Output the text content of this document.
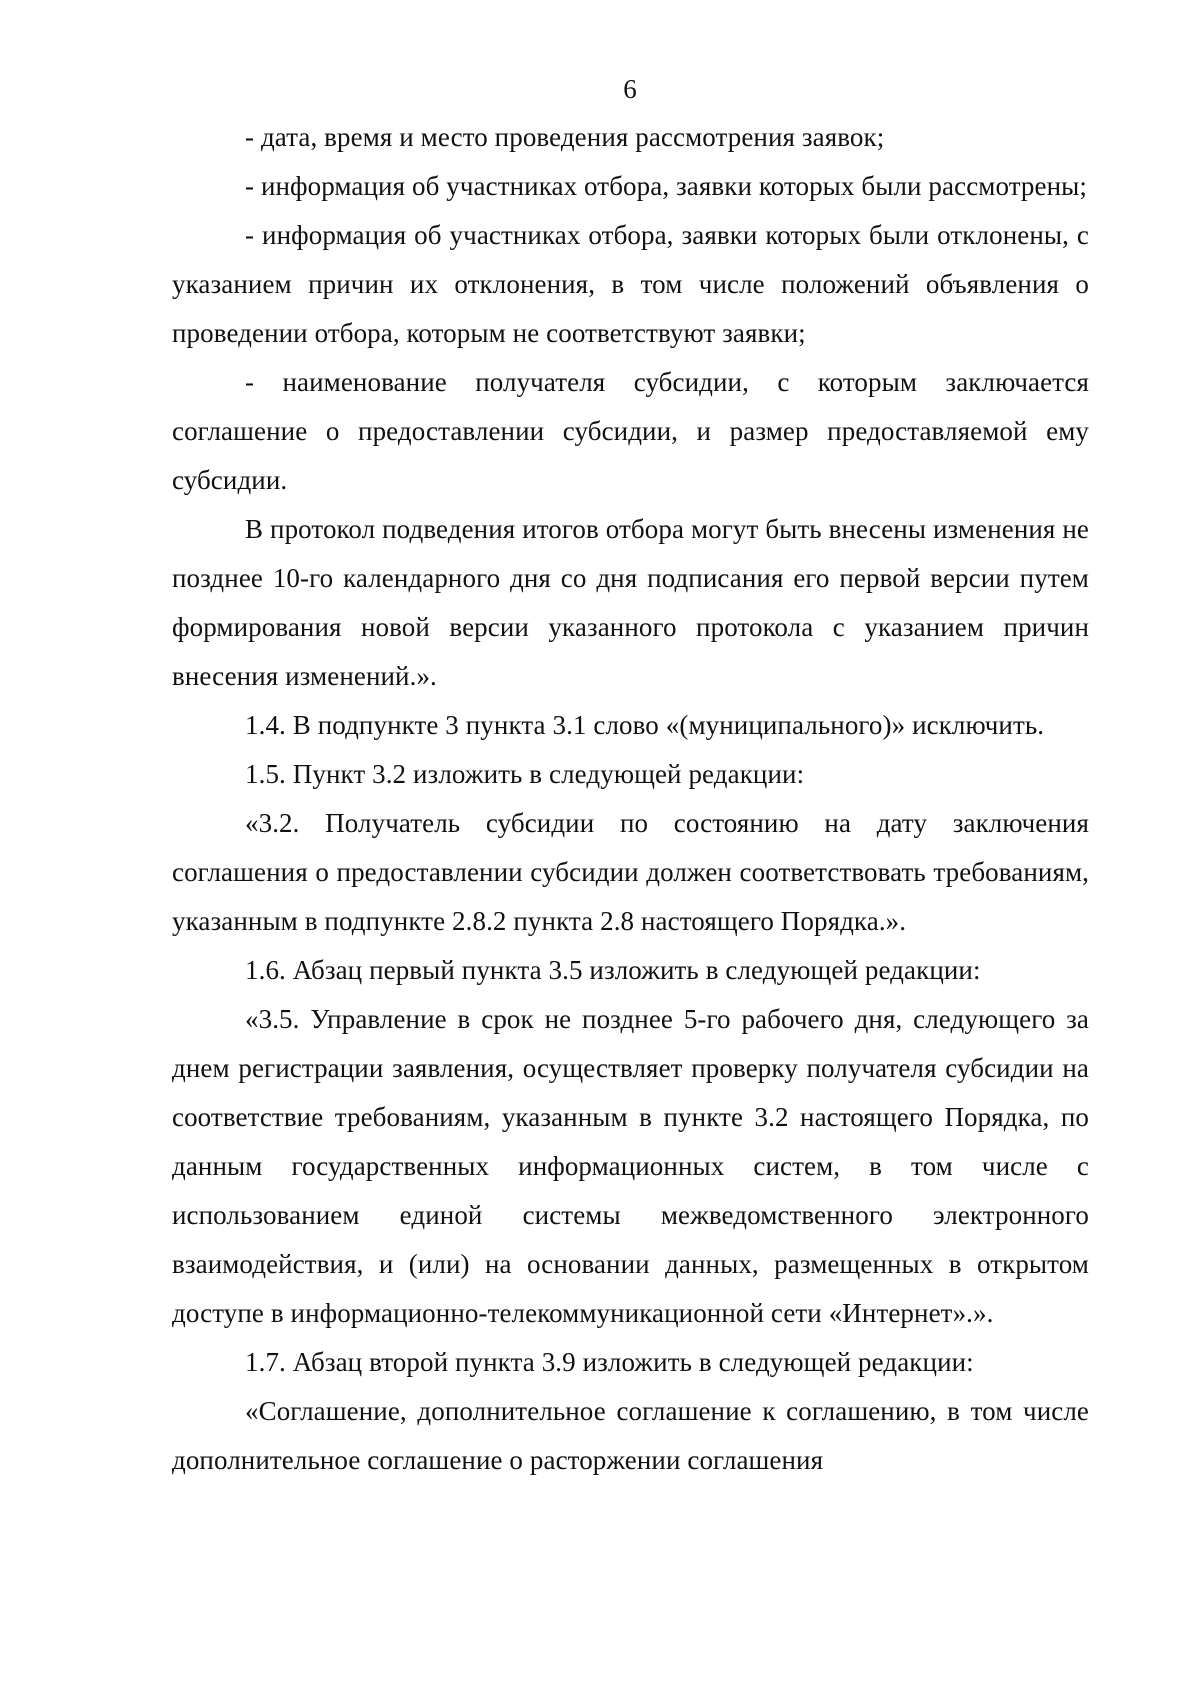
6

- дата, время и место проведения рассмотрения заявок;

- информация об участниках отбора, заявки которых были рассмотрены;

- информация об участниках отбора, заявки которых были отклонены, с указанием причин их отклонения, в том числе положений объявления о проведении отбора, которым не соответствуют заявки;

- наименование получателя субсидии, с которым заключается соглашение о предоставлении субсидии, и размер предоставляемой ему субсидии.

В протокол подведения итогов отбора могут быть внесены изменения не позднее 10-го календарного дня со дня подписания его первой версии путем формирования новой версии указанного протокола с указанием причин внесения изменений.».

1.4. В подпункте 3 пункта 3.1 слово «(муниципального)» исключить.

1.5. Пункт 3.2 изложить в следующей редакции:

«3.2. Получатель субсидии по состоянию на дату заключения соглашения о предоставлении субсидии должен соответствовать требованиям, указанным в подпункте 2.8.2 пункта 2.8 настоящего Порядка.».

1.6. Абзац первый пункта 3.5 изложить в следующей редакции:

«3.5. Управление в срок не позднее 5-го рабочего дня, следующего за днем регистрации заявления, осуществляет проверку получателя субсидии на соответствие требованиям, указанным в пункте 3.2 настоящего Порядка, по данным государственных информационных систем, в том числе с использованием единой системы межведомственного электронного взаимодействия, и (или) на основании данных, размещенных в открытом доступе в информационно-телекоммуникационной сети «Интернет».».

1.7. Абзац второй пункта 3.9 изложить в следующей редакции:

«Соглашение, дополнительное соглашение к соглашению, в том числе дополнительное соглашение о расторжении соглашения
